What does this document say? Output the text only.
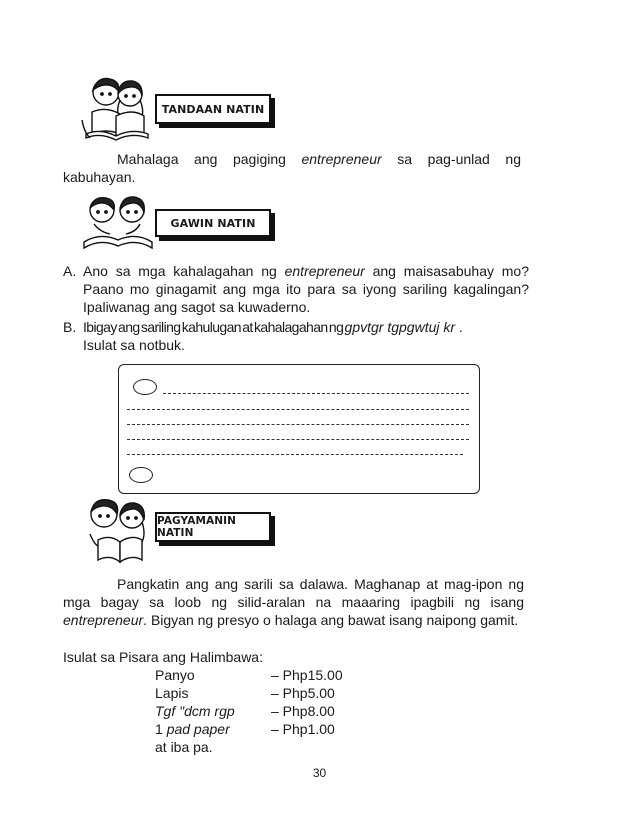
TANDAAN NATIN
Mahalaga ang pagiging entrepreneur sa pag-unlad ng kabuhayan.
GAWIN NATIN
A. Ano sa mga kahalagahan ng entrepreneur ang maisasabuhay mo? Paano mo ginagamit ang mga ito para sa iyong sariling kagalingan? Ipaliwanag ang sagot sa kuwaderno.
B. Ibigay ang sariling kahulugan at kahalagahan ng gpvtgr tgpgwtuj kr .
Isulat sa notbuk.
PAGYAMANIN NATIN
Pangkatin ang ang sarili sa dalawa. Maghanap at mag-ipon ng mga bagay sa loob ng silid-aralan na maaaring ipagbili ng isang entrepreneur. Bigyan ng presyo o halaga ang bawat isang naipong gamit.
Isulat sa Pisara ang Halimbawa:
Panyo	– Php15.00
Lapis	– Php5.00
Tgf "dcm rgp	– Php8.00
1 pad paper	– Php1.00
at iba pa.
30
